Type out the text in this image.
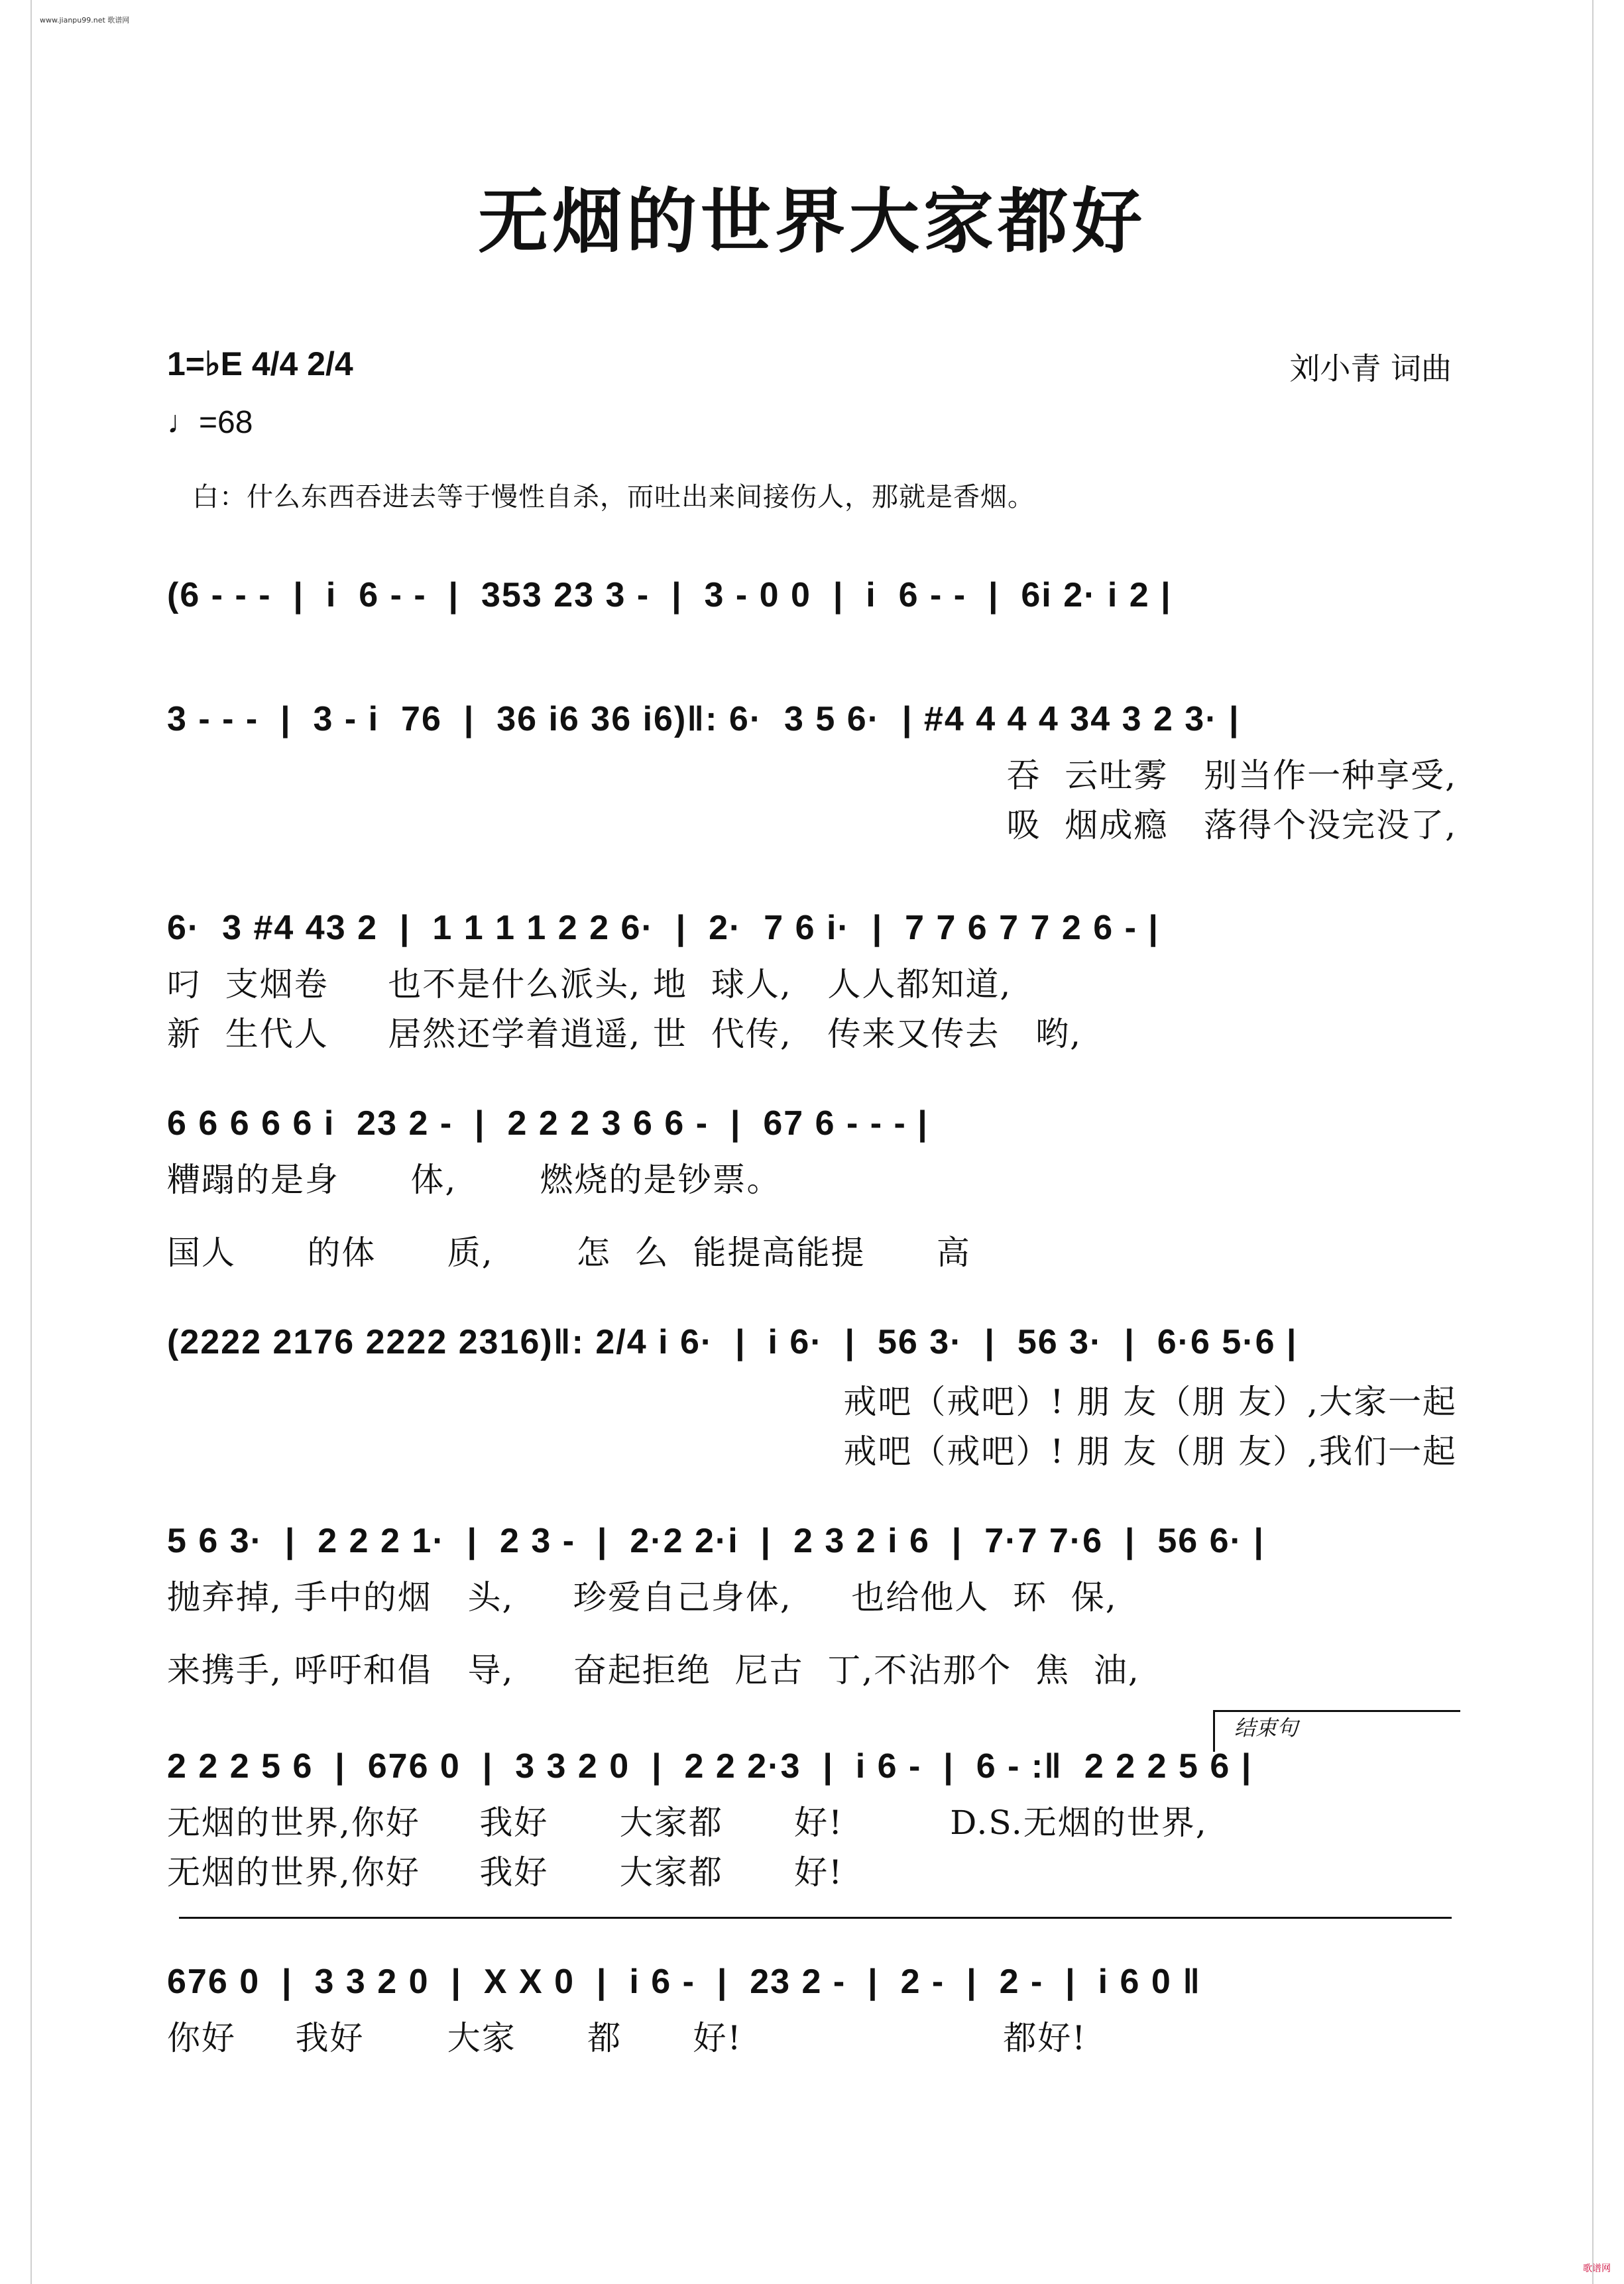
www.jianpu99.net 歌谱网
无烟的世界大家都好
1=♭E 4/4 2/4
♩=68
刘小青 词曲
白：什么东西吞进去等于慢性自杀，而吐出来间接伤人，那就是香烟。
(6 - - -  |  i  6 - -  |  353 23 3 -  |  3 - 0 0  |  i  6 - -  |  6i 2· i 2 |
3 - - -  |  3 - i  76  |  36 i6 36 i6)‖: 6·  3 5 6·  | #4 4 4 4 34 3 2 3· |
吞  云吐雾   别当作一种享受,
吸  烟成瘾   落得个没完没了,
6·  3 #4 43 2  |  1 1 1 1 2 2 6·  |  2·  7 6 i·  |  7 7 6 7 7 2 6 - |
叼  支烟卷     也不是什么派头, 地  球人,   人人都知道,
新  生代人     居然还学着逍遥, 世  代传,   传来又传去   哟,
6 6 6 6 6 i  23 2 -  |  2 2 2 3 6 6 -  |  67 6 - - - |
糟蹋的是身      体,       燃烧的是钞票。
国人      的体      质,       怎  么  能提高能提      高
(2222 2176 2222 2316)‖: 2/4 i 6·  |  i 6·  |  56 3·  |  56 3·  |  6·6 5·6 |
戒吧（戒吧）! 朋 友（朋 友）,大家一起
戒吧（戒吧）! 朋 友（朋 友）,我们一起
5 6 3·  |  2 2 2 1·  |  2 3 -  |  2·2 2·i  |  2 3 2 i 6  |  7·7 7·6  |  56 6· |
抛弃掉, 手中的烟   头,     珍爱自己身体,     也给他人  环  保,
来携手, 呼吁和倡   导,     奋起拒绝  尼古  丁,不沾那个  焦  油,
结束句
2 2 2 5 6  |  676 0  |  3 3 2 0  |  2 2 2·3  |  i 6 -  |  6 - :‖  2 2 2 5 6 |
无烟的世界,你好     我好      大家都      好!         D.S.无烟的世界,
无烟的世界,你好     我好      大家都      好!
676 0  |  3 3 2 0  |  X X 0  |  i 6 -  |  23 2 -  |  2 -  |  2 -  |  i 6 0 ‖
你好     我好       大家      都      好!                      都好!
歌谱网
